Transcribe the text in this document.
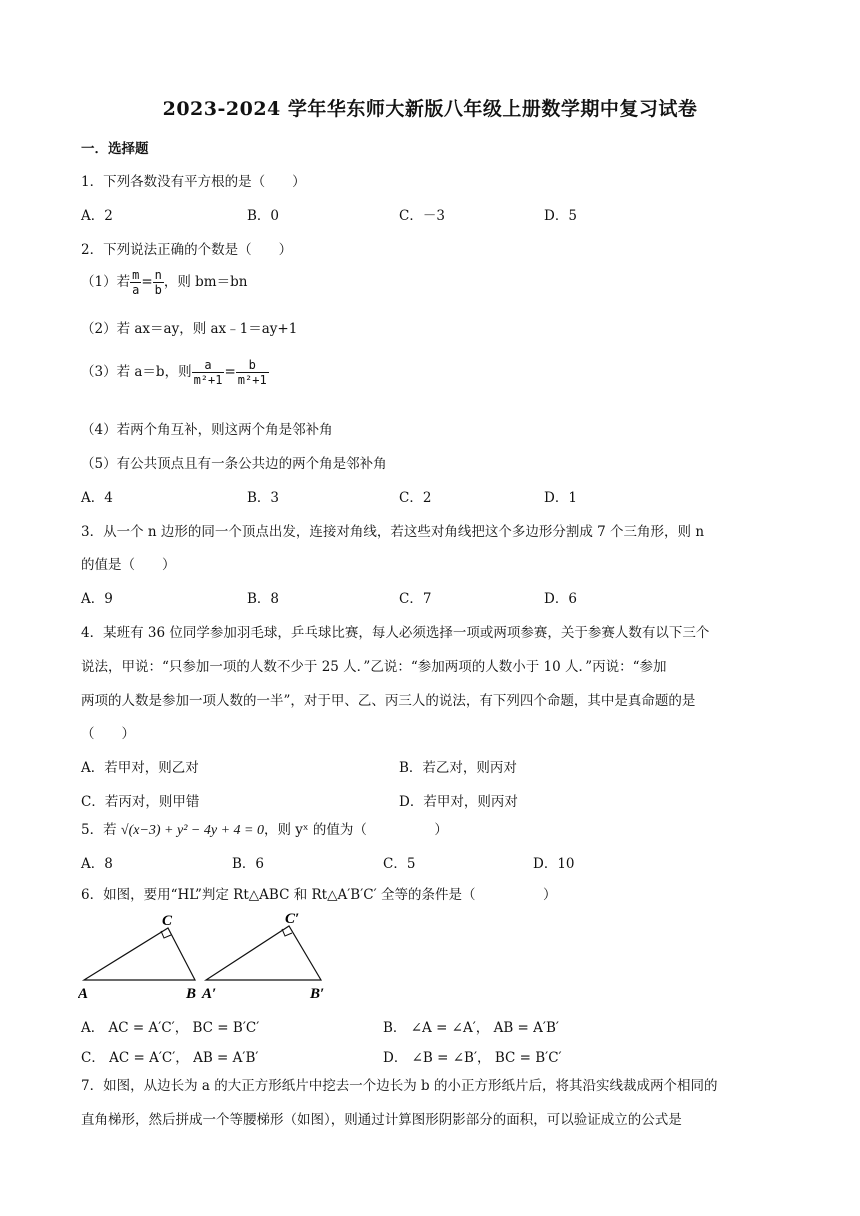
2023-2024 学年华东师大新版八年级上册数学期中复习试卷
一．选择题
1．下列各数没有平方根的是（　　）
A．2	B．0	C．－3	D．5
2．下列说法正确的个数是（　　）
（1）若 $\frac{m}{a} = \frac{n}{b}$ ，则 bm＝bn
（2）若 ax＝ay，则 ax﹣1＝ay+1
（3）若 a＝b，则 $\frac{a}{\text{m²+1}} = \frac{b}{\text{m²+1}}$
（4）若两个角互补，则这两个角是邻补角
（5）有公共顶点且有一条公共边的两个角是邻补角
A．4	B．3	C．2	D．1
3．从一个 n 边形的同一个顶点出发，连接对角线，若这些对角线把这个多边形分割成 7 个三角形，则 n
的值是（　　）
A．9	B．8	C．7	D．6
4．某班有 36 位同学参加羽毛球，乒乓球比赛，每人必须选择一项或两项参赛，关于参赛人数有以下三个
说法，甲说：“只参加一项的人数不少于 25 人．”乙说：“参加两项的人数小于 10 人．”丙说：“参加
两项的人数是参加一项人数的一半”，对于甲、乙、丙三人的说法，有下列四个命题，其中是真命题的是
（　　）
A．若甲对，则乙对	B．若乙对，则丙对
C．若丙对，则甲错	D．若甲对，则丙对
5．若 √(x−3) + y² − 4y + 4 = 0，则 yˣ 的值为（　　　　　）
A．8	B．6	C．5	D．10
6．如图，要用“HL”判定 Rt△ABC 和 Rt△A′B′C′ 全等的条件是（　　　　　）
C
A	B
C′
A′	B′
A． AC = A′C′， BC = B′C′	B． ∠A = ∠A′， AB = A′B′
C． AC = A′C′， AB = A′B′	D． ∠B = ∠B′， BC = B′C′
7．如图，从边长为 a 的大正方形纸片中挖去一个边长为 b 的小正方形纸片后，将其沿实线裁成两个相同的
直角梯形，然后拼成一个等腰梯形（如图），则通过计算图形阴影部分的面积，可以验证成立的公式是
